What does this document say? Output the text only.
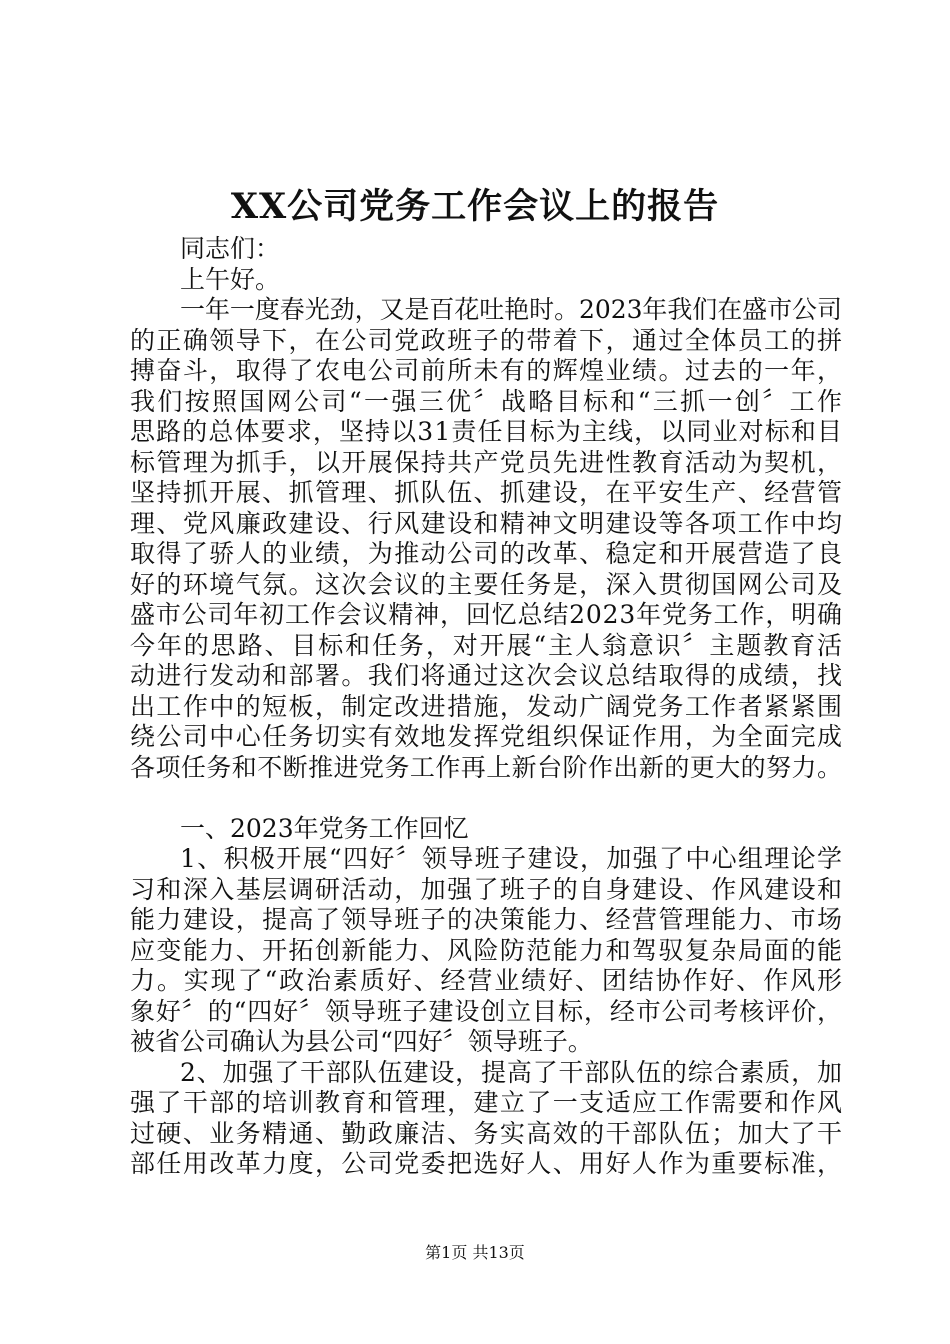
XX公司党务工作会议上的报告
同志们：
上午好。
一年一度春光劲，又是百花吐艳时。2023年我们在盛市公司
的正确领导下，在公司党政班子的带着下，通过全体员工的拼
搏奋斗，取得了农电公司前所未有的辉煌业绩。过去的一年，
我们按照国网公司“一强三优〞战略目标和“三抓一创〞工作
思路的总体要求，坚持以31责任目标为主线，以同业对标和目
标管理为抓手，以开展保持共产党员先进性教育活动为契机，
坚持抓开展、抓管理、抓队伍、抓建设，在平安生产、经营管
理、党风廉政建设、行风建设和精神文明建设等各项工作中均
取得了骄人的业绩，为推动公司的改革、稳定和开展营造了良
好的环境气氛。这次会议的主要任务是，深入贯彻国网公司及
盛市公司年初工作会议精神，回忆总结2023年党务工作，明确
今年的思路、目标和任务，对开展“主人翁意识〞主题教育活
动进行发动和部署。我们将通过这次会议总结取得的成绩，找
出工作中的短板，制定改进措施，发动广阔党务工作者紧紧围
绕公司中心任务切实有效地发挥党组织保证作用，为全面完成
各项任务和不断推进党务工作再上新台阶作出新的更大的努力。
一、2023年党务工作回忆
1、积极开展“四好〞领导班子建设，加强了中心组理论学
习和深入基层调研活动，加强了班子的自身建设、作风建设和
能力建设，提高了领导班子的决策能力、经营管理能力、市场
应变能力、开拓创新能力、风险防范能力和驾驭复杂局面的能
力。实现了“政治素质好、经营业绩好、团结协作好、作风形
象好〞的“四好〞领导班子建设创立目标，经市公司考核评价，
被省公司确认为县公司“四好〞领导班子。
2、加强了干部队伍建设，提高了干部队伍的综合素质，加
强了干部的培训教育和管理，建立了一支适应工作需要和作风
过硬、业务精通、勤政廉洁、务实高效的干部队伍；加大了干
部任用改革力度，公司党委把选好人、用好人作为重要标准，
第1页 共13页
